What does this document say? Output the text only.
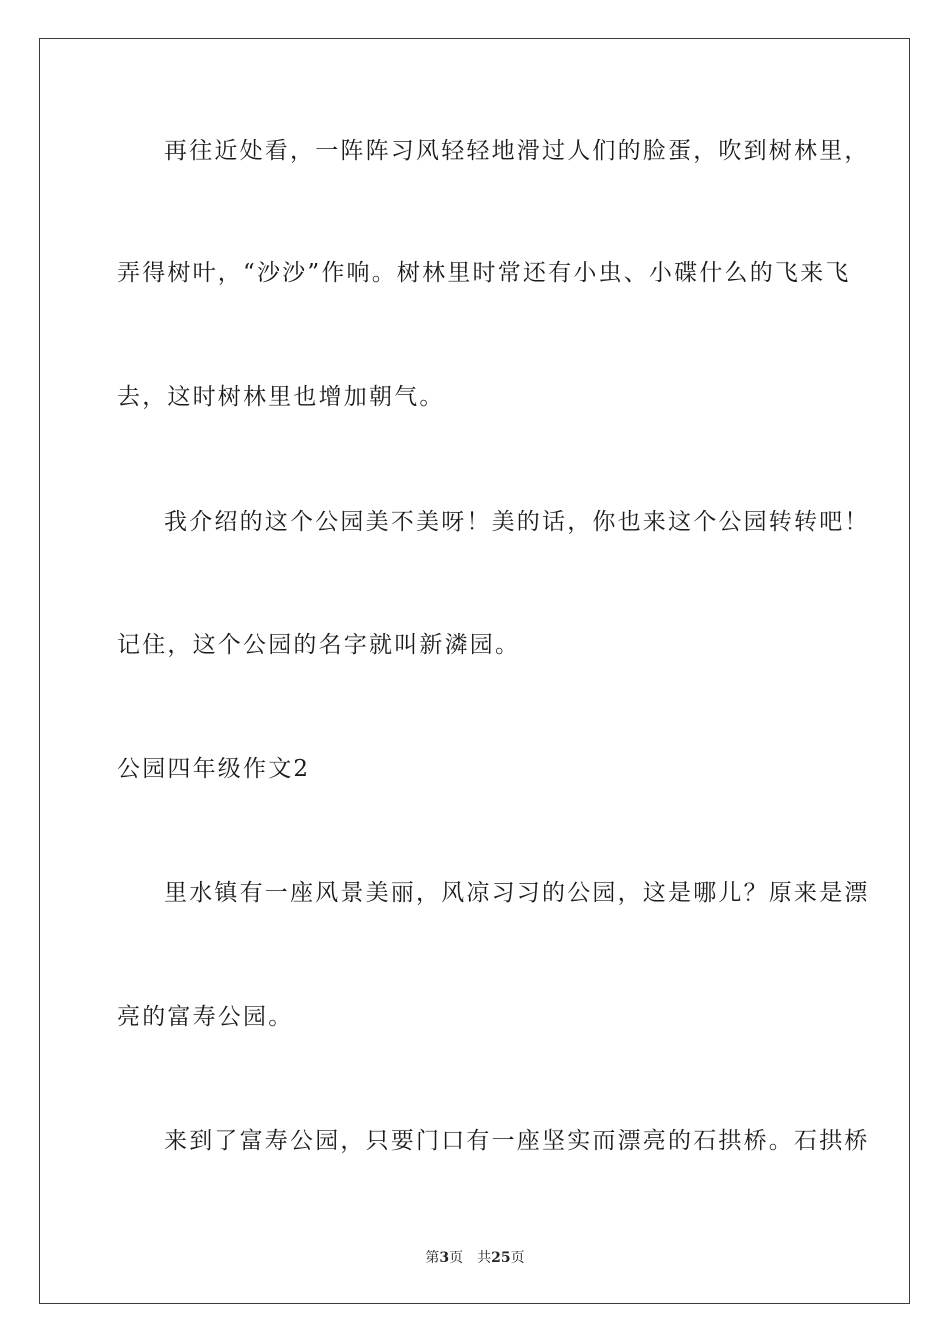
再往近处看，一阵阵习风轻轻地滑过人们的脸蛋，吹到树林里，
弄得树叶，“沙沙”作响。树林里时常还有小虫、小碟什么的飞来飞
去，这时树林里也增加朝气。
我介绍的这个公园美不美呀！美的话，你也来这个公园转转吧！
记住，这个公园的名字就叫新潾园。
公园四年级作文2
里水镇有一座风景美丽，风凉习习的公园，这是哪儿？原来是漂
亮的富寿公园。
来到了富寿公园，只要门口有一座坚实而漂亮的石拱桥。石拱桥
第3页 共25页
